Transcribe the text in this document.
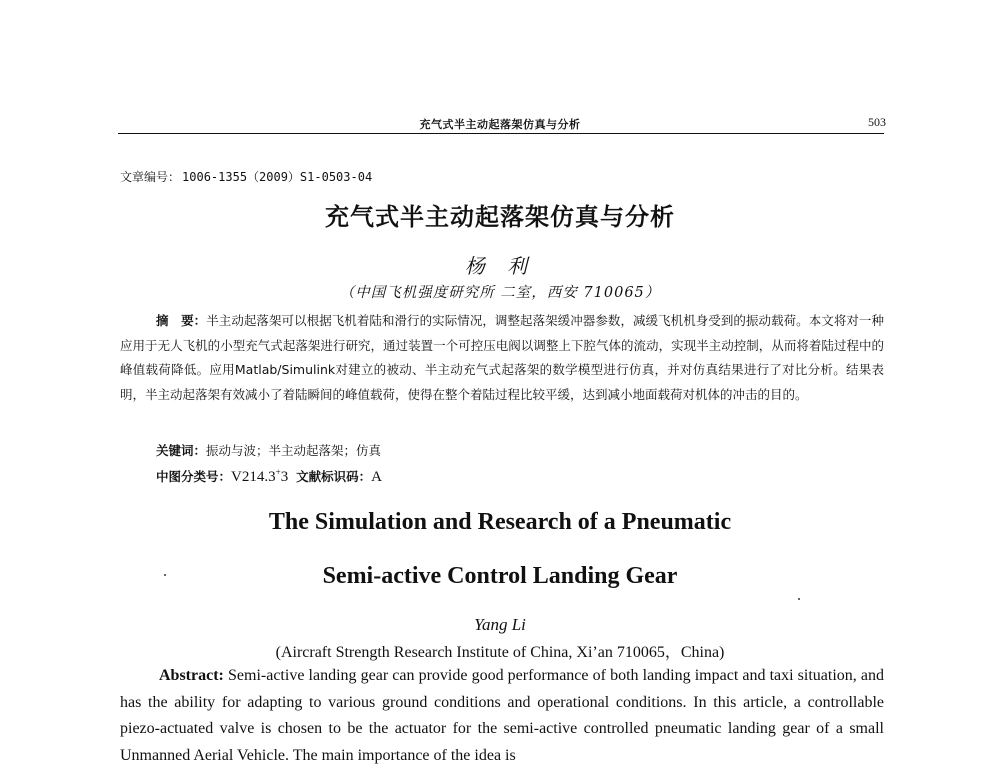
充气式半主动起落架仿真与分析	503
文章编号： 1006-1355（2009）S1-0503-04
充气式半主动起落架仿真与分析
杨 利
（中国飞机强度研究所 二室，西安 710065）
摘　要：半主动起落架可以根据飞机着陆和滑行的实际情况，调整起落架缓冲器参数，减缓飞机机身受到的振动载荷。本文将对一种应用于无人飞机的小型充气式起落架进行研究，通过装置一个可控压电阀以调整上下腔气体的流动，实现半主动控制，从而将着陆过程中的峰值载荷降低。应用Matlab/Simulink对建立的被动、半主动充气式起落架的数学模型进行仿真，并对仿真结果进行了对比分析。结果表明，半主动起落架有效减小了着陆瞬间的峰值载荷，使得在整个着陆过程比较平缓，达到减小地面载荷对机体的冲击的目的。
关键词：振动与波；半主动起落架；仿真
中图分类号：V214.3+3 文献标识码：A
The Simulation and Research of a Pneumatic
Semi-active Control Landing Gear
Yang Li
(Aircraft Strength Research Institute of China, Xi’an 710065，China)
Abstract: Semi-active landing gear can provide good performance of both landing impact and taxi situation, and has the ability for adapting to various ground conditions and operational conditions. In this article, a controllable piezo-actuated valve is chosen to be the actuator for the semi-active controlled pneumatic landing gear of a small Unmanned Aerial Vehicle. The main importance of the idea is
